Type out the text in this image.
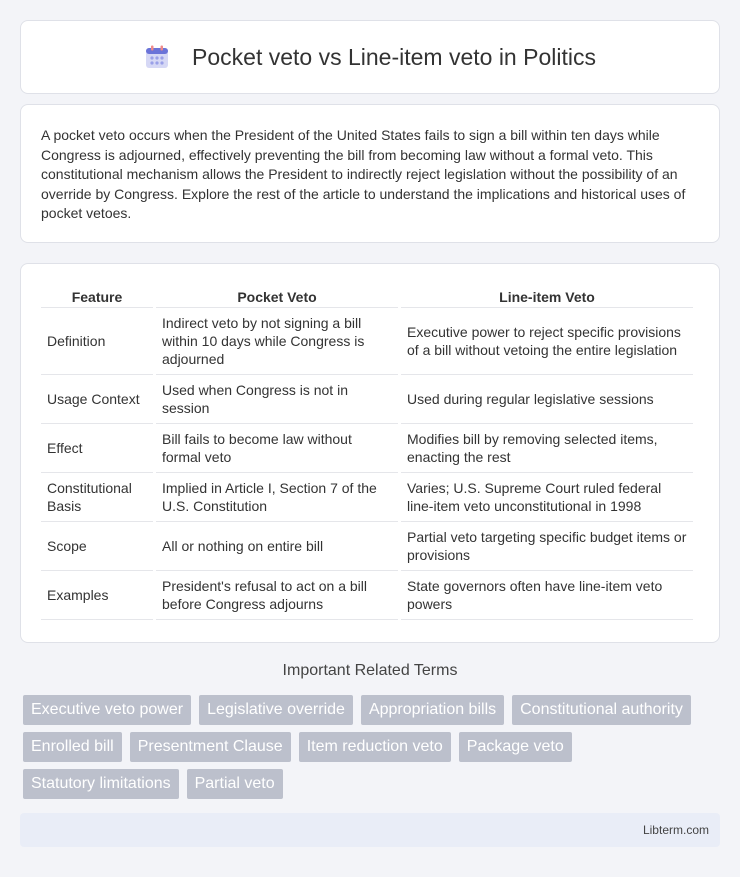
Pocket veto vs Line-item veto in Politics

A pocket veto occurs when the President of the United States fails to sign a bill within ten days while Congress is adjourned, effectively preventing the bill from becoming law without a formal veto. This constitutional mechanism allows the President to indirectly reject legislation without the possibility of an override by Congress. Explore the rest of the article to understand the implications and historical uses of pocket vetoes.

Feature	Pocket Veto	Line-item Veto
Definition	Indirect veto by not signing a bill within 10 days while Congress is adjourned	Executive power to reject specific provisions of a bill without vetoing the entire legislation
Usage Context	Used when Congress is not in session	Used during regular legislative sessions
Effect	Bill fails to become law without formal veto	Modifies bill by removing selected items, enacting the rest
Constitutional Basis	Implied in Article I, Section 7 of the U.S. Constitution	Varies; U.S. Supreme Court ruled federal line-item veto unconstitutional in 1998
Scope	All or nothing on entire bill	Partial veto targeting specific budget items or provisions
Examples	President's refusal to act on a bill before Congress adjourns	State governors often have line-item veto powers
Important Related Terms
Executive veto power	Legislative override	Appropriation bills	Constitutional authority
Enrolled bill	Presentment Clause	Item reduction veto	Package veto
Statutory limitations	Partial veto
Libterm.com
